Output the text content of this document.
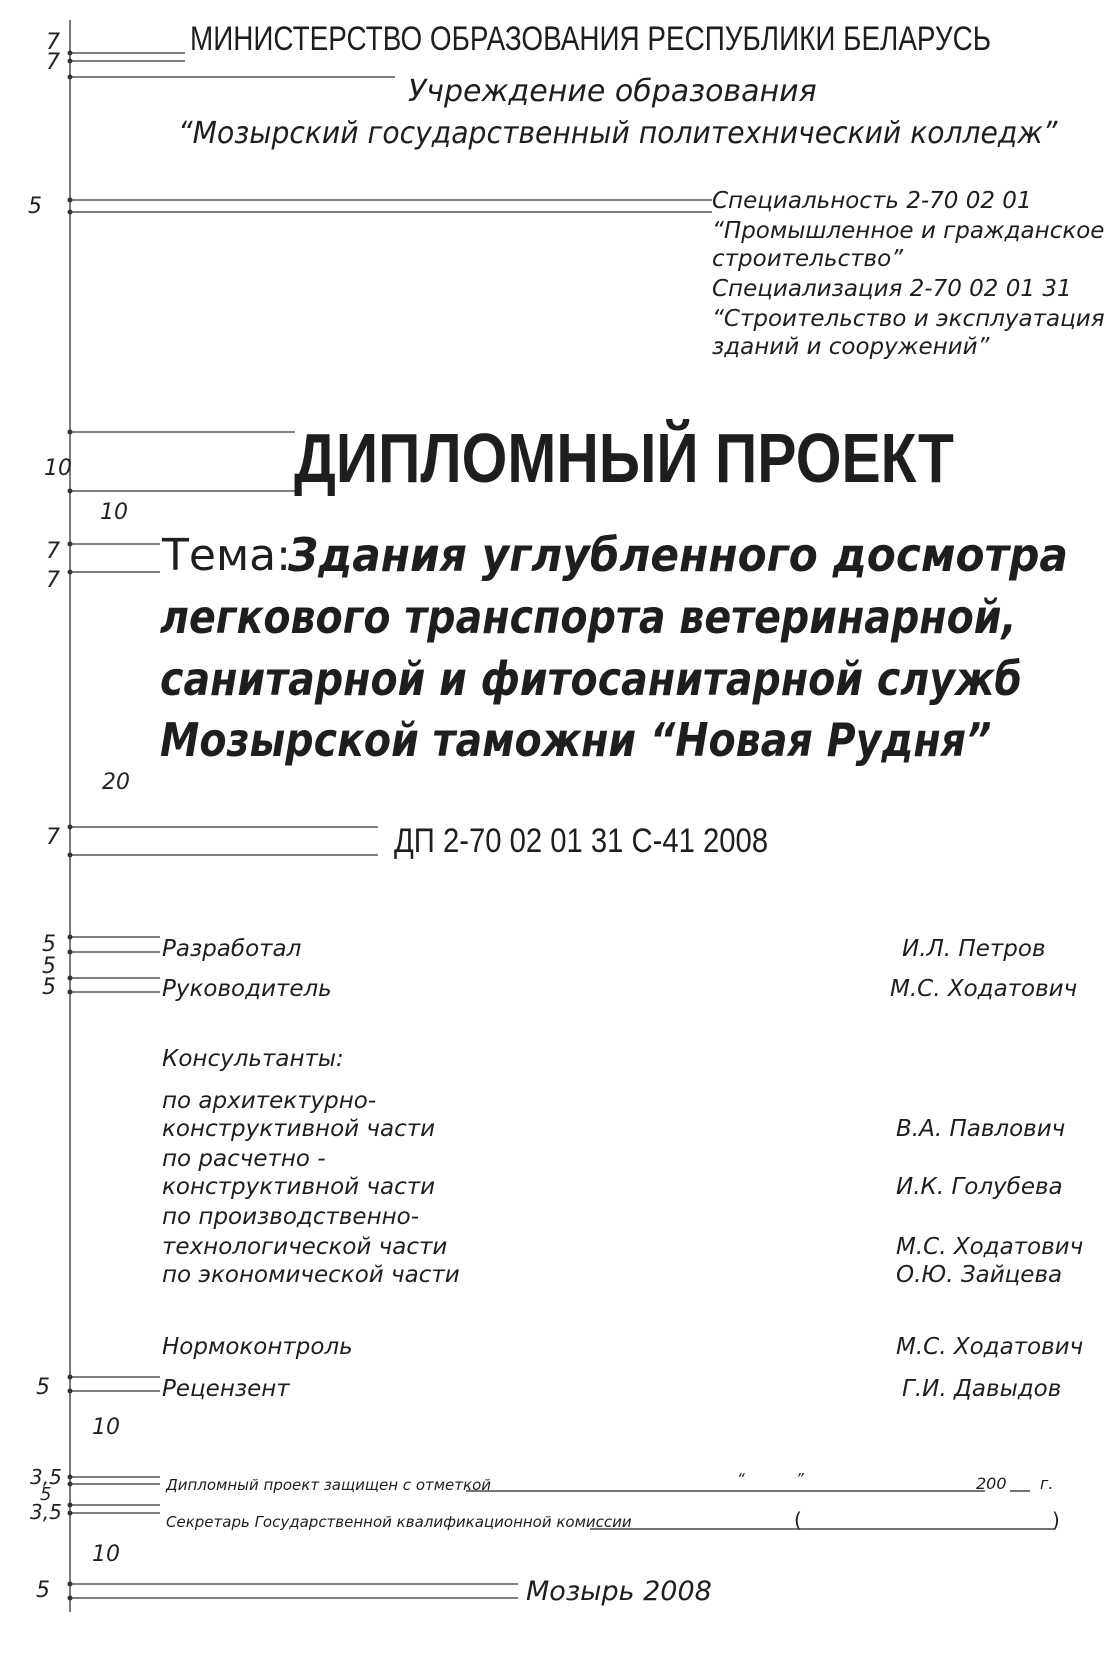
7
7
5
10
10
7
7
20
7
5
5
5
5
10
3,5
5
3,5
10
5
МИНИСТЕРСТВО ОБРАЗОВАНИЯ РЕСПУБЛИКИ БЕЛАРУСЬ
Учреждение образования
“Мозырский государственный политехнический колледж”
Специальность 2-70 02 01
“Промышленное и гражданское
строительство”
Специализация 2-70 02 01 31
“Строительство и эксплуатация
зданий и сооружений”
ДИПЛОМНЫЙ ПРОЕКТ
Тема:
Здания углубленного досмотра
легкового транспорта ветеринарной,
санитарной и фитосанитарной служб
Мозырской таможни “Новая Рудня”
ДП 2-70 02 01 31 С-41 2008
Разработал	И.Л. Петров
Руководитель	М.С. Ходатович
Консультанты:
по архитектурно-
конструктивной части	В.А. Павлович
по расчетно -
конструктивной части	И.К. Голубева
по производственно-
технологической части	М.С. Ходатович
по экономической части	О.Ю. Зайцева
Нормоконтроль	М.С. Ходатович
Рецензент	Г.И. Давыдов
Дипломный проект защищен с отметкой	“	”	200 г.
Секретарь Государственной квалификационной комиссии	(	)
Мозырь 2008
